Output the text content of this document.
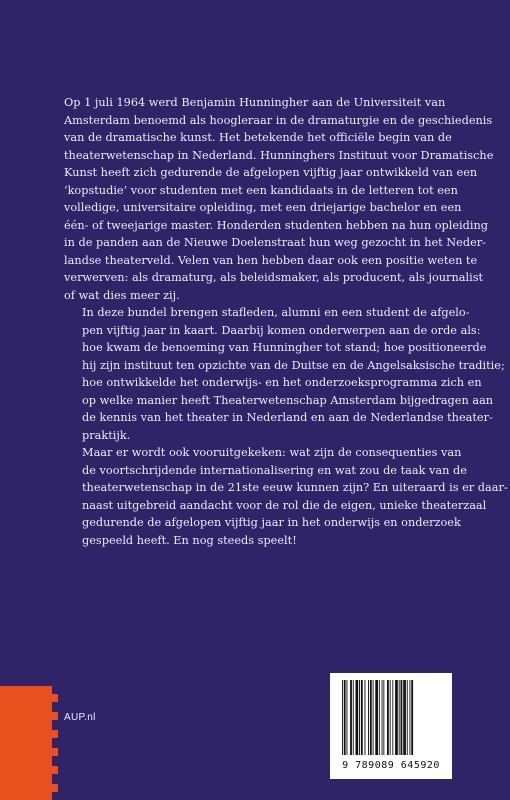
Op 1 juli 1964 werd Benjamin Hunningher aan de Universiteit van
Amsterdam benoemd als hoogleraar in de dramaturgie en de geschiedenis
van de dramatische kunst. Het betekende het officiële begin van de
theaterwetenschap in Nederland. Hunninghers Instituut voor Dramatische
Kunst heeft zich gedurende de afgelopen vijftig jaar ontwikkeld van een
‘kopstudie’ voor studenten met een kandidaats in de letteren tot een
volledige, universitaire opleiding, met een driejarige bachelor en een
één- of tweejarige master. Honderden studenten hebben na hun opleiding
in de panden aan de Nieuwe Doelenstraat hun weg gezocht in het Neder-
landse theaterveld. Velen van hen hebben daar ook een positie weten te
verwerven: als dramaturg, als beleidsmaker, als producent, als journalist
of wat dies meer zij.

In deze bundel brengen stafleden, alumni en een student de afgelo-
pen vijftig jaar in kaart. Daarbij komen onderwerpen aan de orde als:
hoe kwam de benoeming van Hunningher tot stand; hoe positioneerde
hij zijn instituut ten opzichte van de Duitse en de Angelsaksische traditie;
hoe ontwikkelde het onderwijs- en het onderzoeksprogramma zich en
op welke manier heeft Theaterwetenschap Amsterdam bijgedragen aan
de kennis van het theater in Nederland en aan de Nederlandse theater-
praktijk.

Maar er wordt ook vooruitgekeken: wat zijn de consequenties van
de voortschrijdende internationalisering en wat zou de taak van de
theaterwetenschap in de 21ste eeuw kunnen zijn? En uiteraard is er daar-
naast uitgebreid aandacht voor de rol die de eigen, unieke theaterzaal
gedurende de afgelopen vijftig jaar in het onderwijs en onderzoek
gespeeld heeft. En nog steeds speelt!

AUP.nl
9 789089 645920
